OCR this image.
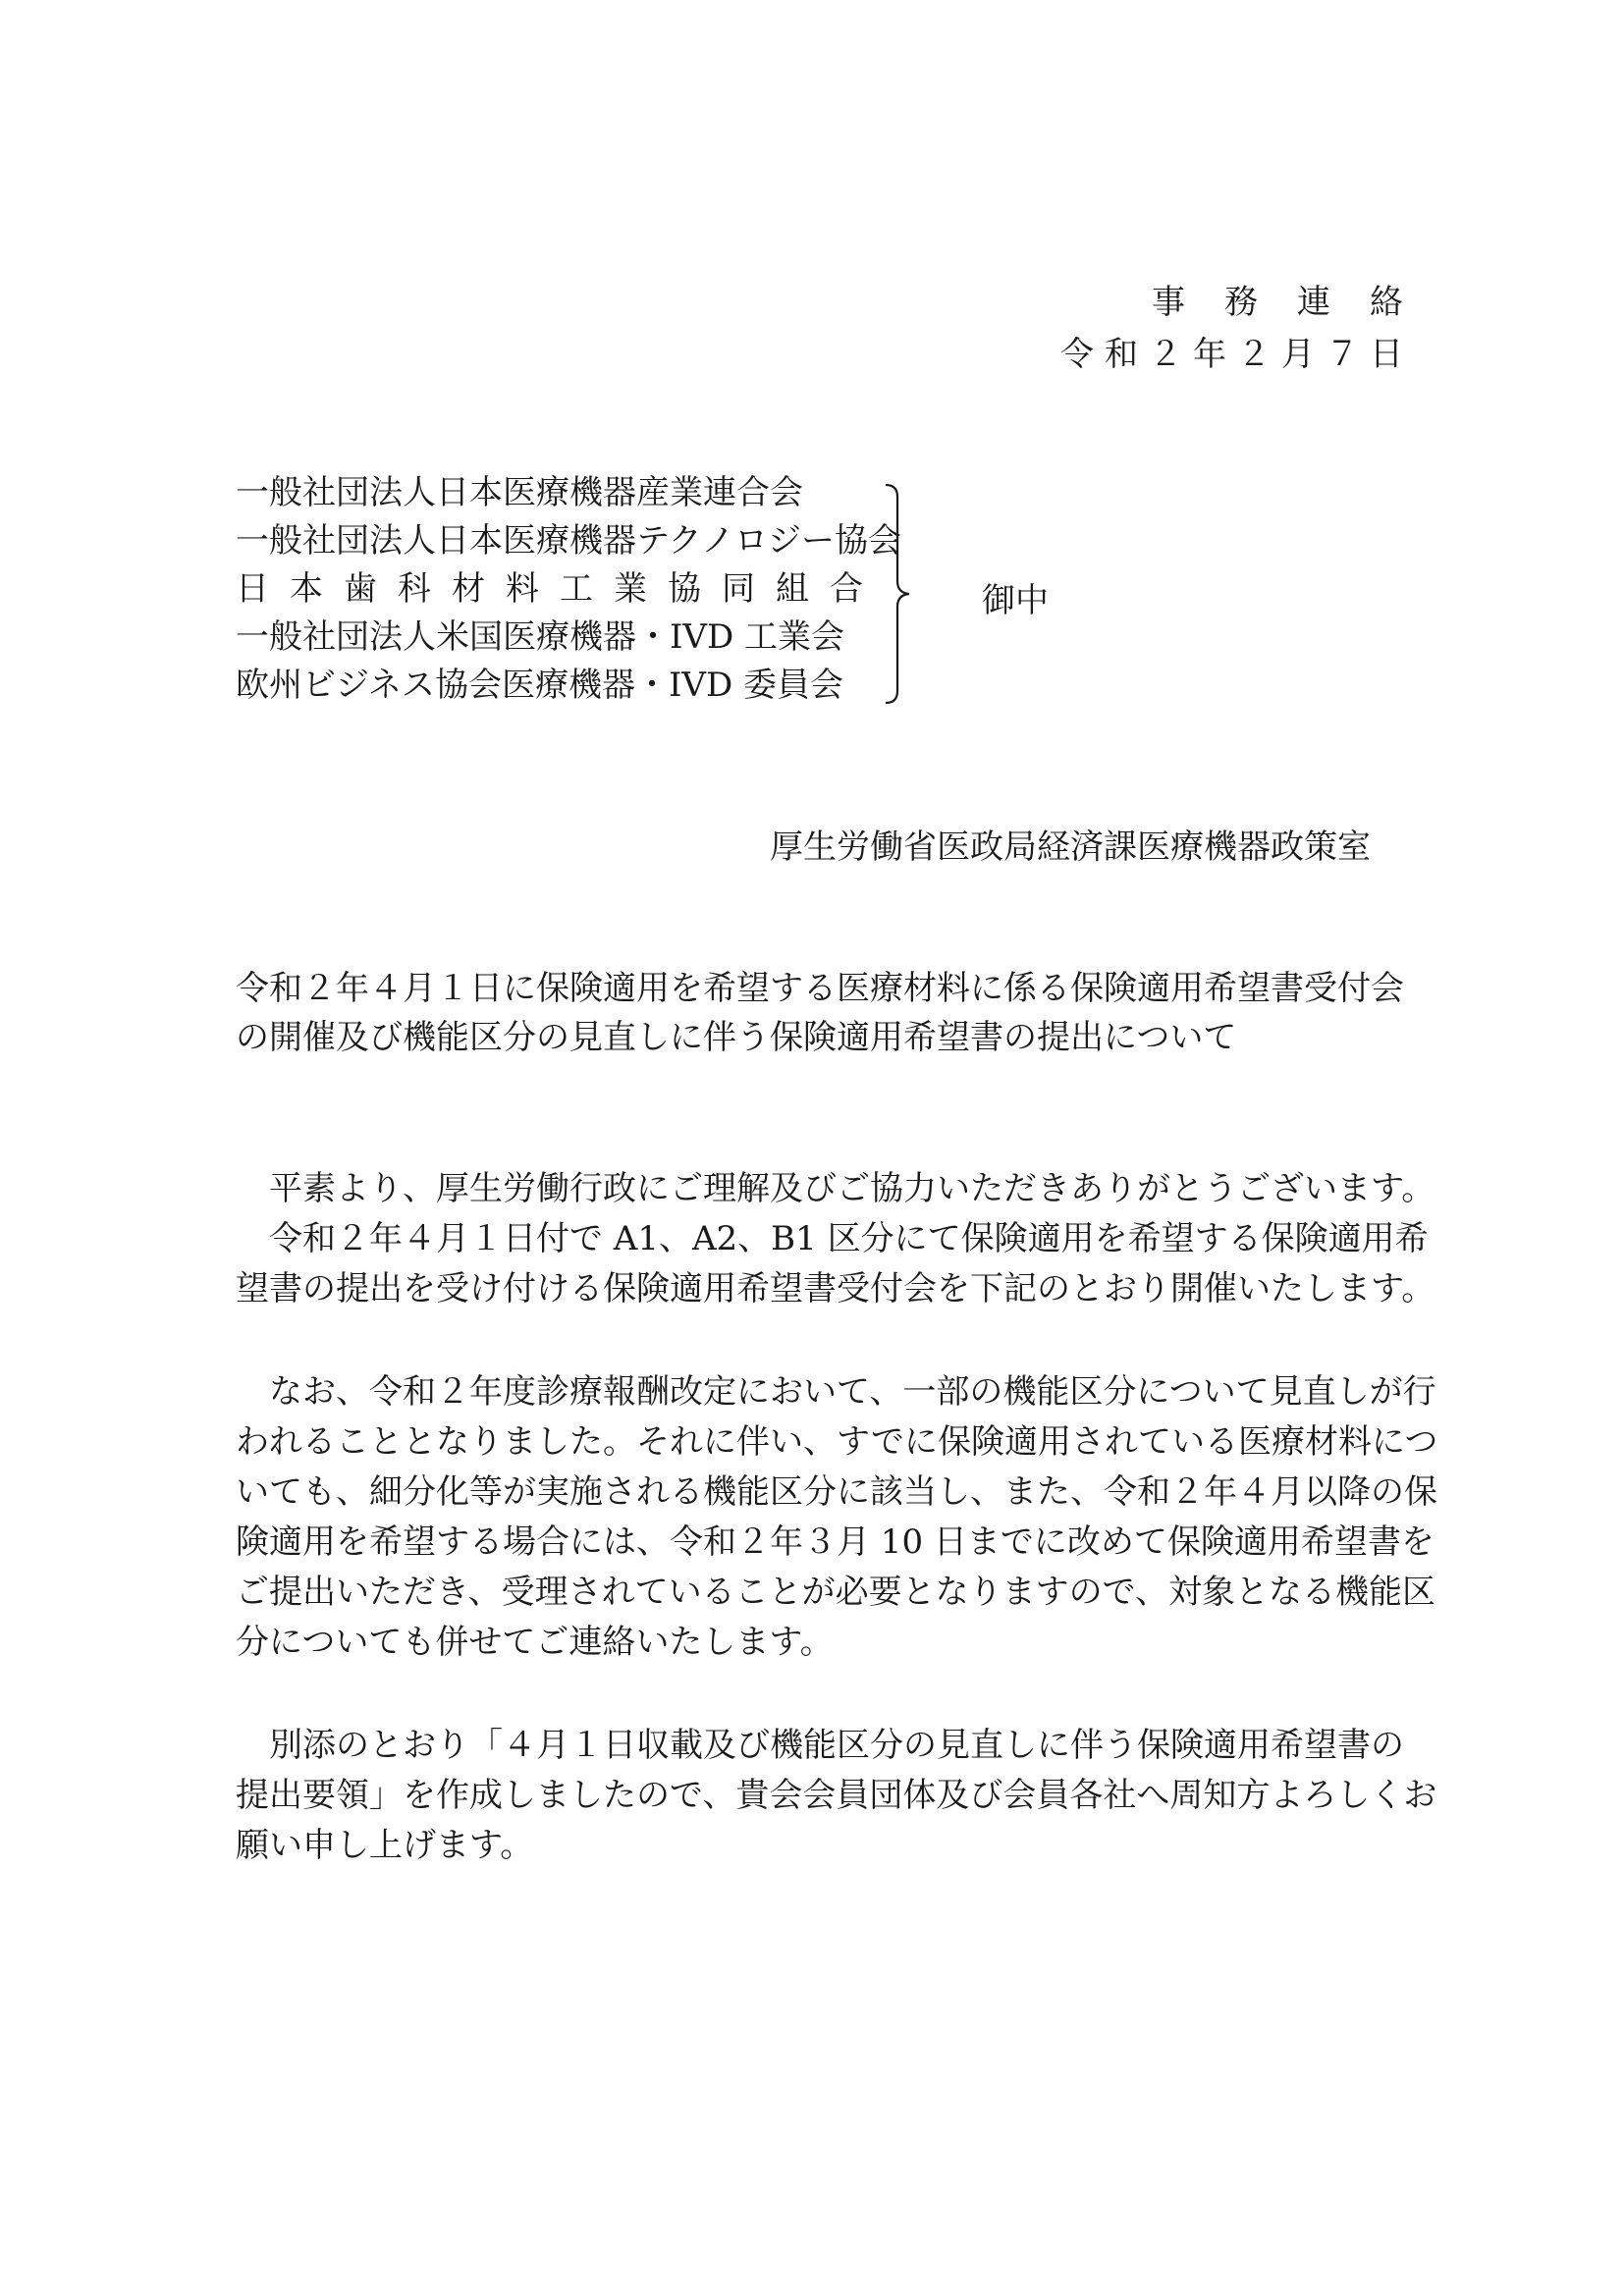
事務連絡
令和２年２月７日
一般社団法人日本医療機器産業連合会
一般社団法人日本医療機器テクノロジー協会
日本歯科材料工業協同組合
一般社団法人米国医療機器・IVD 工業会
欧州ビジネス協会医療機器・IVD 委員会
御中
厚生労働省医政局経済課医療機器政策室
令和２年４月１日に保険適用を希望する医療材料に係る保険適用希望書受付会
の開催及び機能区分の見直しに伴う保険適用希望書の提出について
　平素より、厚生労働行政にご理解及びご協力いただきありがとうございます。
　令和２年４月１日付で A1、A2、B1 区分にて保険適用を希望する保険適用希
望書の提出を受け付ける保険適用希望書受付会を下記のとおり開催いたします。
　なお、令和２年度診療報酬改定において、一部の機能区分について見直しが行
われることとなりました。それに伴い、すでに保険適用されている医療材料につ
いても、細分化等が実施される機能区分に該当し、また、令和２年４月以降の保
険適用を希望する場合には、令和２年３月 10 日までに改めて保険適用希望書を
ご提出いただき、受理されていることが必要となりますので、対象となる機能区
分についても併せてご連絡いたします。
　別添のとおり「４月１日収載及び機能区分の見直しに伴う保険適用希望書の
提出要領」を作成しましたので、貴会会員団体及び会員各社へ周知方よろしくお
願い申し上げます。
